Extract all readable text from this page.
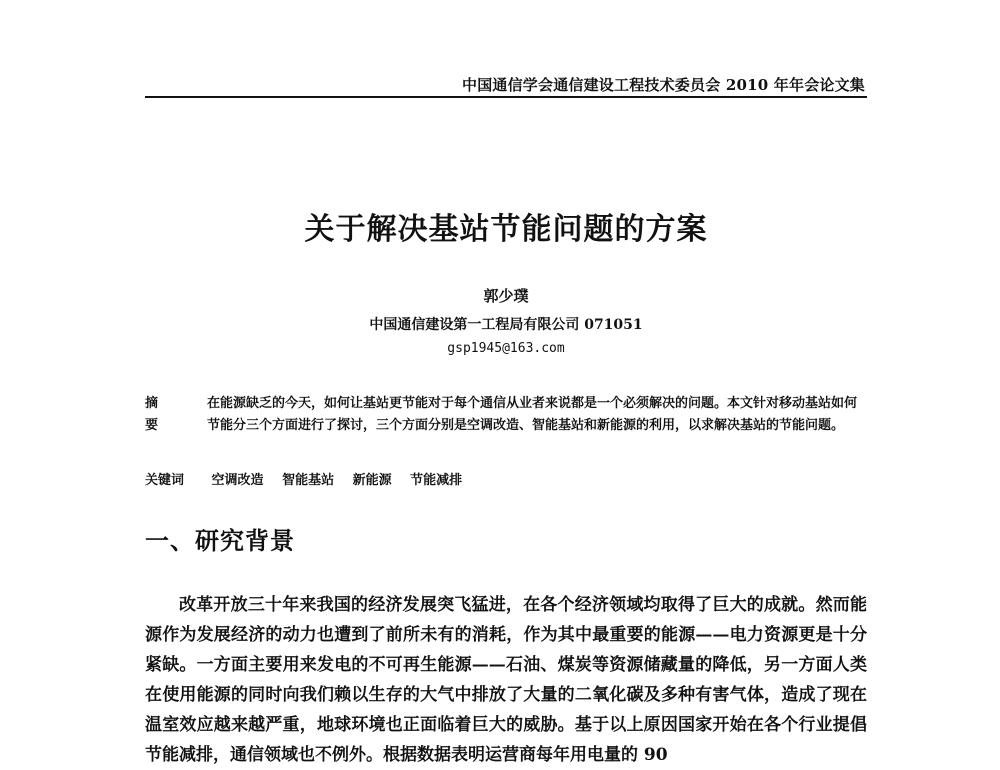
中国通信学会通信建设工程技术委员会 2010 年年会论文集
关于解决基站节能问题的方案
郭少璞
中国通信建设第一工程局有限公司 071051
gsp1945@163.com
摘要
在能源缺乏的今天，如何让基站更节能对于每个通信从业者来说都是一个必须解决的问题。本文针对移动基站如何节能分三个方面进行了探讨，三个方面分别是空调改造、智能基站和新能源的利用，以求解决基站的节能问题。
关键词 空调改造 智能基站 新能源 节能减排
一、研究背景

改革开放三十年来我国的经济发展突飞猛进，在各个经济领域均取得了巨大的成就。然而能源作为发展经济的动力也遭到了前所未有的消耗，作为其中最重要的能源——电力资源更是十分紧缺。一方面主要用来发电的不可再生能源——石油、煤炭等资源储藏量的降低，另一方面人类在使用能源的同时向我们赖以生存的大气中排放了大量的二氧化碳及多种有害气体，造成了现在温室效应越来越严重，地球环境也正面临着巨大的威胁。基于以上原因国家开始在各个行业提倡节能减排，通信领域也不例外。根据数据表明运营商每年用电量的 90
